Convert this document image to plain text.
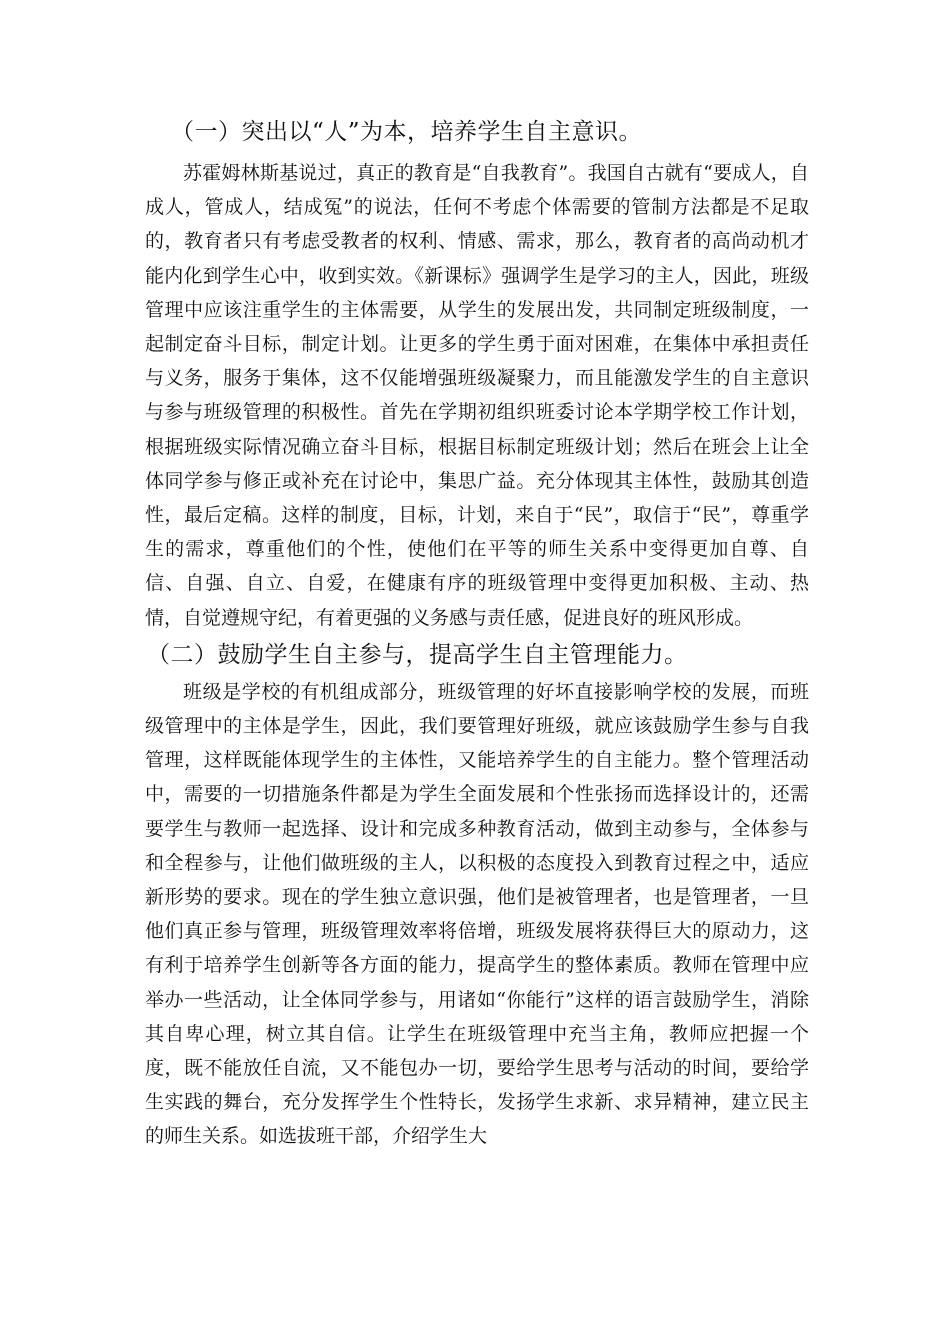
（一）突出以“人”为本，培养学生自主意识。

苏霍姆林斯基说过，真正的教育是“自我教育”。我国自古就有“要成人，自成人，管成人，结成冤”的说法，任何不考虑个体需要的管制方法都是不足取的，教育者只有考虑受教者的权利、情感、需求，那么，教育者的高尚动机才能内化到学生心中，收到实效。《新课标》强调学生是学习的主人，因此，班级管理中应该注重学生的主体需要，从学生的发展出发，共同制定班级制度，一起制定奋斗目标，制定计划。让更多的学生勇于面对困难，在集体中承担责任与义务，服务于集体，这不仅能增强班级凝聚力，而且能激发学生的自主意识与参与班级管理的积极性。首先在学期初组织班委讨论本学期学校工作计划，根据班级实际情况确立奋斗目标，根据目标制定班级计划；然后在班会上让全体同学参与修正或补充在讨论中，集思广益。充分体现其主体性，鼓励其创造性，最后定稿。这样的制度，目标，计划，来自于“民”，取信于“民”，尊重学生的需求，尊重他们的个性，使他们在平等的师生关系中变得更加自尊、自信、自强、自立、自爱，在健康有序的班级管理中变得更加积极、主动、热情，自觉遵规守纪，有着更强的义务感与责任感，促进良好的班风形成。

（二）鼓励学生自主参与，提高学生自主管理能力。

班级是学校的有机组成部分，班级管理的好坏直接影响学校的发展，而班级管理中的主体是学生，因此，我们要管理好班级，就应该鼓励学生参与自我管理，这样既能体现学生的主体性，又能培养学生的自主能力。整个管理活动中，需要的一切措施条件都是为学生全面发展和个性张扬而选择设计的，还需要学生与教师一起选择、设计和完成多种教育活动，做到主动参与，全体参与和全程参与，让他们做班级的主人，以积极的态度投入到教育过程之中，适应新形势的要求。现在的学生独立意识强，他们是被管理者，也是管理者，一旦他们真正参与管理，班级管理效率将倍增，班级发展将获得巨大的原动力，这有利于培养学生创新等各方面的能力，提高学生的整体素质。教师在管理中应举办一些活动，让全体同学参与，用诸如“你能行”这样的语言鼓励学生，消除其自卑心理，树立其自信。让学生在班级管理中充当主角，教师应把握一个度，既不能放任自流，又不能包办一切，要给学生思考与活动的时间，要给学生实践的舞台，充分发挥学生个性特长，发扬学生求新、求异精神，建立民主的师生关系。如选拔班干部，介绍学生大
